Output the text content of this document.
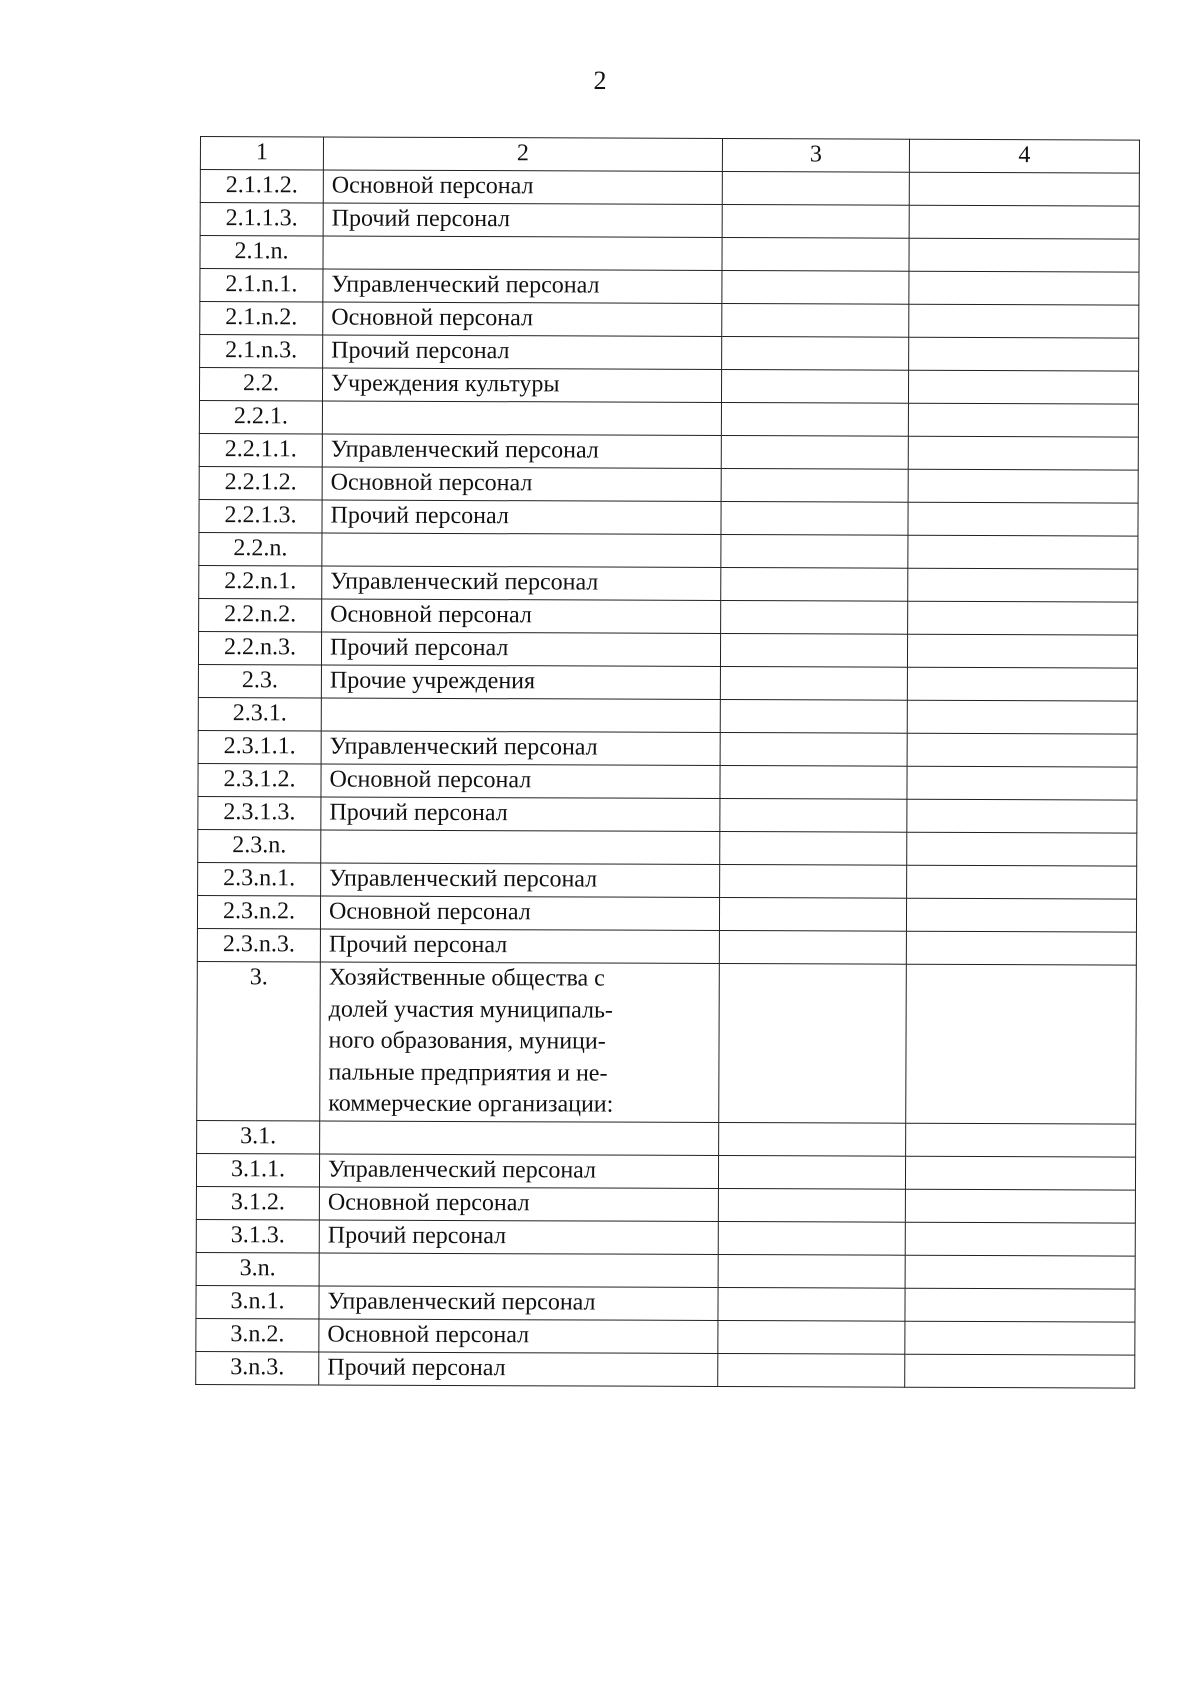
2
1	2	3	4
2.1.1.2.	Основной персонал		
2.1.1.3.	Прочий персонал		
2.1.n.			
2.1.n.1.	Управленческий персонал		
2.1.n.2.	Основной персонал		
2.1.n.3.	Прочий персонал		
2.2.	Учреждения культуры		
2.2.1.			
2.2.1.1.	Управленческий персонал		
2.2.1.2.	Основной персонал		
2.2.1.3.	Прочий персонал		
2.2.n.			
2.2.n.1.	Управленческий персонал		
2.2.n.2.	Основной персонал		
2.2.n.3.	Прочий персонал		
2.3.	Прочие учреждения		
2.3.1.			
2.3.1.1.	Управленческий персонал		
2.3.1.2.	Основной персонал		
2.3.1.3.	Прочий персонал		
2.3.n.			
2.3.n.1.	Управленческий персонал		
2.3.n.2.	Основной персонал		
2.3.n.3.	Прочий персонал		
3.	Хозяйственные общества с
долей участия муниципаль-
ного образования, муници-
пальные предприятия и не-
коммерческие организации:		
3.1.			
3.1.1.	Управленческий персонал		
3.1.2.	Основной персонал		
3.1.3.	Прочий персонал		
3.n.			
3.n.1.	Управленческий персонал		
3.n.2.	Основной персонал		
3.n.3.	Прочий персонал		
